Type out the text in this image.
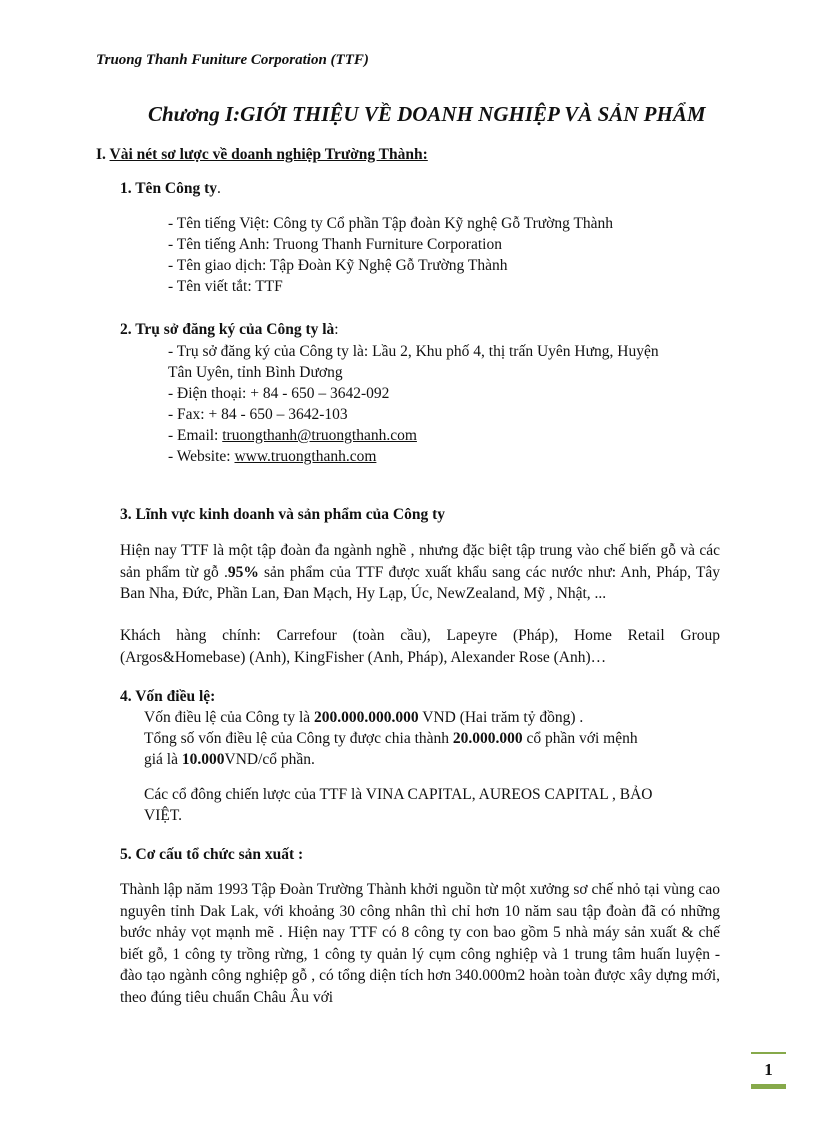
Truong Thanh Funiture Corporation (TTF)
Chương I:GIỚI THIỆU VỀ DOANH NGHIỆP VÀ SẢN PHẨM
I. Vài nét sơ lược về doanh nghiệp Trường Thành:
1. Tên Công ty.
- Tên tiếng Việt: Công ty Cổ phần Tập đoàn Kỹ nghệ Gỗ Trường Thành
- Tên tiếng Anh: Truong Thanh Furniture Corporation
- Tên giao dịch: Tập Đoàn Kỹ Nghệ Gỗ Trường Thành
- Tên viết tắt: TTF
2. Trụ sở đăng ký của Công ty là:
- Trụ sở đăng ký của Công ty là: Lầu 2, Khu phố 4, thị trấn Uyên Hưng, Huyện
Tân Uyên, tỉnh Bình Dương
- Điện thoại: + 84 - 650 – 3642-092
- Fax: + 84 - 650 – 3642-103
- Email: truongthanh@truongthanh.com
- Website: www.truongthanh.com
3. Lĩnh vực kinh doanh và sản phẩm của Công ty
Hiện nay TTF là một tập đoàn đa ngành nghề , nhưng đặc biệt tập trung vào chế biến gỗ và các sản phẩm từ gỗ .95% sản phẩm của TTF được xuất khẩu sang các nước như: Anh, Pháp, Tây Ban Nha, Đức, Phần Lan, Đan Mạch, Hy Lạp, Úc, NewZealand, Mỹ , Nhật, ...
Khách hàng chính: Carrefour (toàn cầu), Lapeyre (Pháp), Home Retail Group (Argos&Homebase) (Anh), KingFisher (Anh, Pháp), Alexander Rose (Anh)…
4. Vốn điều lệ:
Vốn điều lệ của Công ty là 200.000.000.000 VND (Hai trăm tỷ đồng) .
Tổng số vốn điều lệ của Công ty được chia thành 20.000.000 cổ phần với mệnh
giá là 10.000VND/cổ phần.
Các cổ đông chiến lược của TTF là VINA CAPITAL, AUREOS CAPITAL , BẢO
VIỆT.
5. Cơ cấu tổ chức sản xuất :
Thành lập năm 1993 Tập Đoàn Trường Thành khởi nguồn từ một xưởng sơ chế nhỏ tại vùng cao nguyên tỉnh Dak Lak, với khoảng 30 công nhân thì chỉ hơn 10 năm sau tập đoàn đã có những bước nhảy vọt mạnh mẽ . Hiện nay TTF có 8 công ty con bao gồm 5 nhà máy sản xuất & chế biết gỗ, 1 công ty trồng rừng, 1 công ty quản lý cụm công nghiệp và 1 trung tâm huấn luyện - đào tạo ngành công nghiệp gỗ , có tổng diện tích hơn 340.000m2 hoàn toàn được xây dựng mới, theo đúng tiêu chuẩn Châu Âu với
1
